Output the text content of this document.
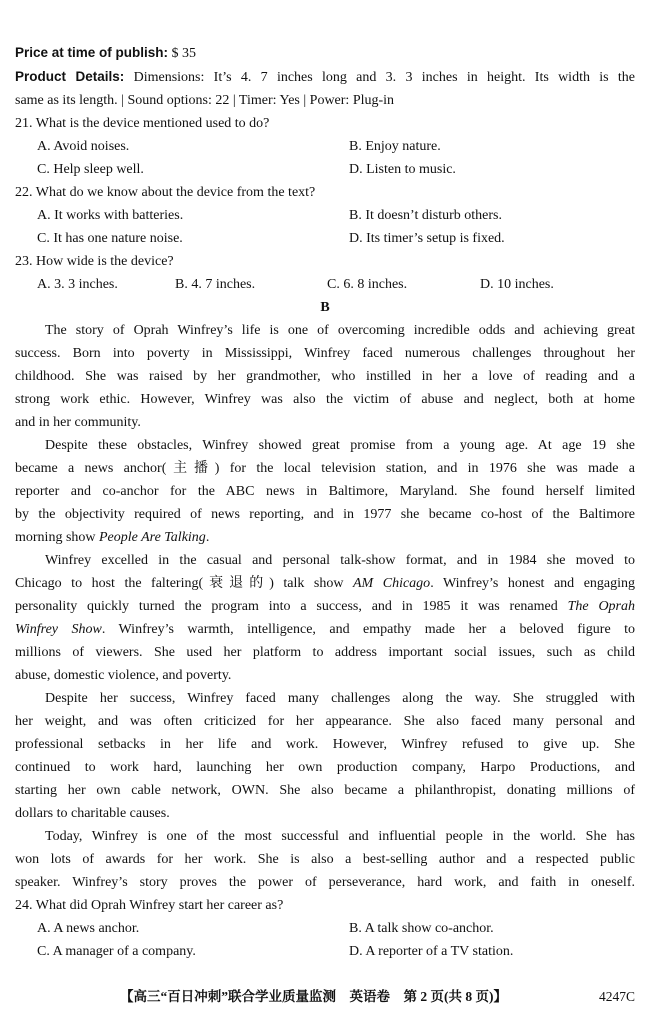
Price at time of publish: $ 35
Product Details: Dimensions: It’s 4. 7 inches long and 3. 3 inches in height. Its width is the
same as its length. | Sound options: 22 | Timer: Yes | Power: Plug-in
21. What is the device mentioned used to do?
A. Avoid noises.	B. Enjoy nature.
C. Help sleep well.	D. Listen to music.
22. What do we know about the device from the text?
A. It works with batteries.	B. It doesn’t disturb others.
C. It has one nature noise.	D. Its timer’s setup is fixed.
23. How wide is the device?
A. 3. 3 inches.	B. 4. 7 inches.	C. 6. 8 inches.	D. 10 inches.
B
The story of Oprah Winfrey’s life is one of overcoming incredible odds and achieving great
success. Born into poverty in Mississippi, Winfrey faced numerous challenges throughout her
childhood. She was raised by her grandmother, who instilled in her a love of reading and a
strong work ethic. However, Winfrey was also the victim of abuse and neglect, both at home
and in her community.
Despite these obstacles, Winfrey showed great promise from a young age. At age 19 she
became a news anchor(主播) for the local television station, and in 1976 she was made a
reporter and co-anchor for the ABC news in Baltimore, Maryland. She found herself limited
by the objectivity required of news reporting, and in 1977 she became co-host of the Baltimore
morning show People Are Talking.
Winfrey excelled in the casual and personal talk-show format, and in 1984 she moved to
Chicago to host the faltering(衰退的) talk show AM Chicago. Winfrey’s honest and engaging
personality quickly turned the program into a success, and in 1985 it was renamed The Oprah
Winfrey Show. Winfrey’s warmth, intelligence, and empathy made her a beloved figure to
millions of viewers. She used her platform to address important social issues, such as child
abuse, domestic violence, and poverty.
Despite her success, Winfrey faced many challenges along the way. She struggled with
her weight, and was often criticized for her appearance. She also faced many personal and
professional setbacks in her life and work. However, Winfrey refused to give up. She
continued to work hard, launching her own production company, Harpo Productions, and
starting her own cable network, OWN. She also became a philanthropist, donating millions of
dollars to charitable causes.
Today, Winfrey is one of the most successful and influential people in the world. She has
won lots of awards for her work. She is also a best-selling author and a respected public
speaker. Winfrey’s story proves the power of perseverance, hard work, and faith in oneself.
24. What did Oprah Winfrey start her career as?
A. A news anchor.	B. A talk show co-anchor.
C. A manager of a company.	D. A reporter of a TV station.
【高三“百日冲刺”联合学业质量监测　英语卷　第 2 页(共 8 页)】	4247C
